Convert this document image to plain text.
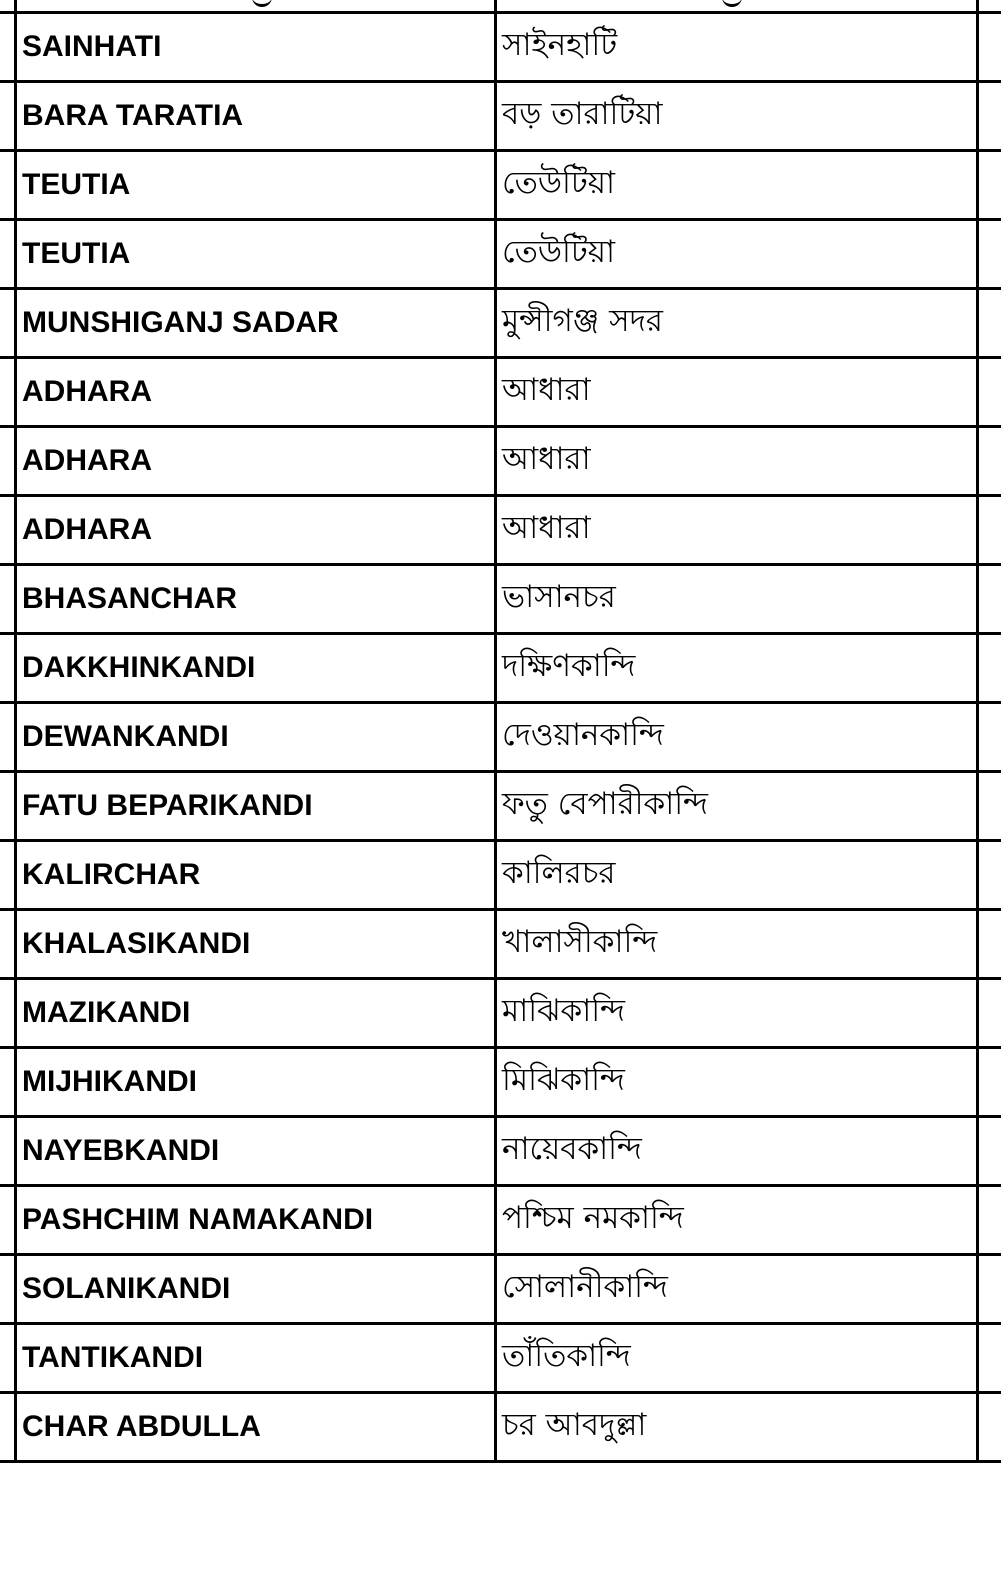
SAINHATI	সাইনহাটি
BARA TARATIA	বড় তারাটিয়া
TEUTIA	তেউটিয়া
TEUTIA	তেউটিয়া
MUNSHIGANJ SADAR	মুন্সীগঞ্জ সদর
ADHARA	আধারা
ADHARA	আধারা
ADHARA	আধারা
BHASANCHAR	ভাসানচর
DAKKHINKANDI	দক্ষিণকান্দি
DEWANKANDI	দেওয়ানকান্দি
FATU BEPARIKANDI	ফতু বেপারীকান্দি
KALIRCHAR	কালিরচর
KHALASIKANDI	খালাসীকান্দি
MAZIKANDI	মাঝিকান্দি
MIJHIKANDI	মিঝিকান্দি
NAYEBKANDI	নায়েবকান্দি
PASHCHIM NAMAKANDI	পশ্চিম নমকান্দি
SOLANIKANDI	সোলানীকান্দি
TANTIKANDI	তাঁতিকান্দি
CHAR ABDULLA	চর আবদুল্লা
